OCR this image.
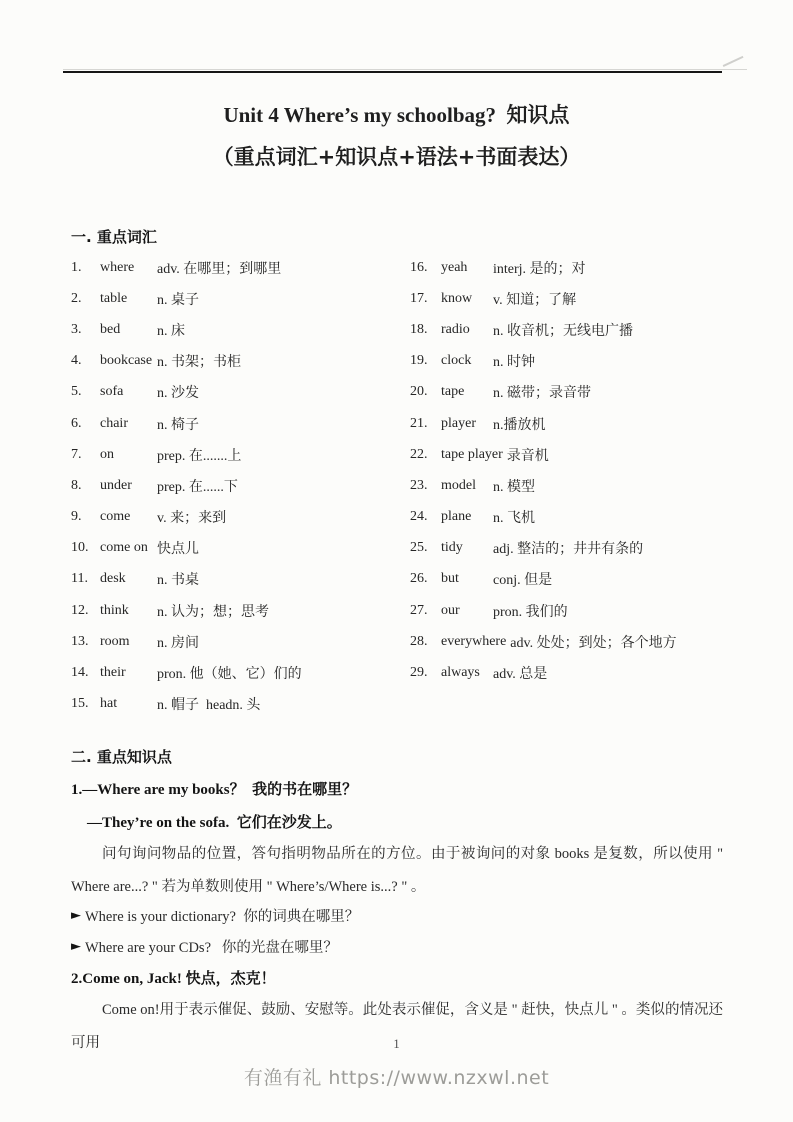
Unit 4 Where’s my schoolbag?  知识点
（重点词汇+知识点+语法+书面表达）
一. 重点词汇
1.	where	adv. 在哪里；到哪里
2.	table	n. 桌子
3.	bed	n. 床
4.	bookcase n. 书架；书柜
5.	sofa	n. 沙发
6.	chair	n. 椅子
7.	on	prep. 在.......上
8.	under	prep. 在......下
9.	come	v. 来；来到
10. come on 快点儿
11. desk	n. 书桌
12. think	n. 认为；想；思考
13. room	n. 房间
14. their	pron. 他（她、它）们的
15. hat	n. 帽子  headn. 头
16. yeah	interj. 是的；对
17. know	v. 知道；了解
18. radio	n. 收音机；无线电广播
19. clock	n. 时钟
20. tape	n. 磁带；录音带
21. player	n.播放机
22. tape player 录音机
23. model	n. 模型
24. plane	n. 飞机
25. tidy	adj. 整洁的；井井有条的
26. but	conj. 但是
27. our	pron. 我们的
28. everywhere adv. 处处；到处；各个地方
29. always adv. 总是
二. 重点知识点
1.—Where are my books？  我的书在哪里？
—They’re on the sofa.  它们在沙发上。

问句询问物品的位置，答句指明物品所在的方位。由于被询问的对象 books 是复数，所以使用 " Where are...? " 若为单数则使用 " Where’s/Where is...? " 。

► Where is your dictionary?  你的词典在哪里？
► Where are your CDs?   你的光盘在哪里？
2.Come on, Jack! 快点，杰克！

Come on!用于表示催促、鼓励、安慰等。此处表示催促，含义是 " 赶快，快点儿 " 。类似的情况还可用	1
有渔有礼 https://www.nzxwl.net
